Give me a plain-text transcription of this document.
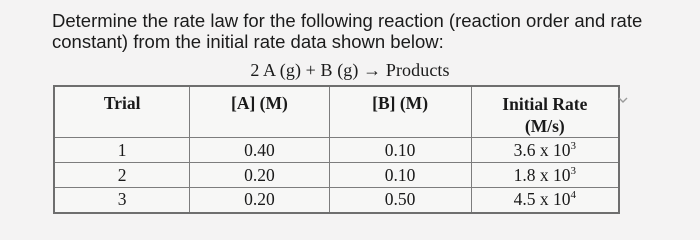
Determine the rate law for the following reaction (reaction order and rate
constant) from the initial rate data shown below:
2 A (g) + B (g) → Products
Trial	[A] (M)	[B] (M)	Initial Rate
(M/s)

1	0.40	0.10	3.6 x $10^3$
2	0.20	0.10	1.8 x $10^3$
3	0.20	0.50	4.5 x $10^4$
